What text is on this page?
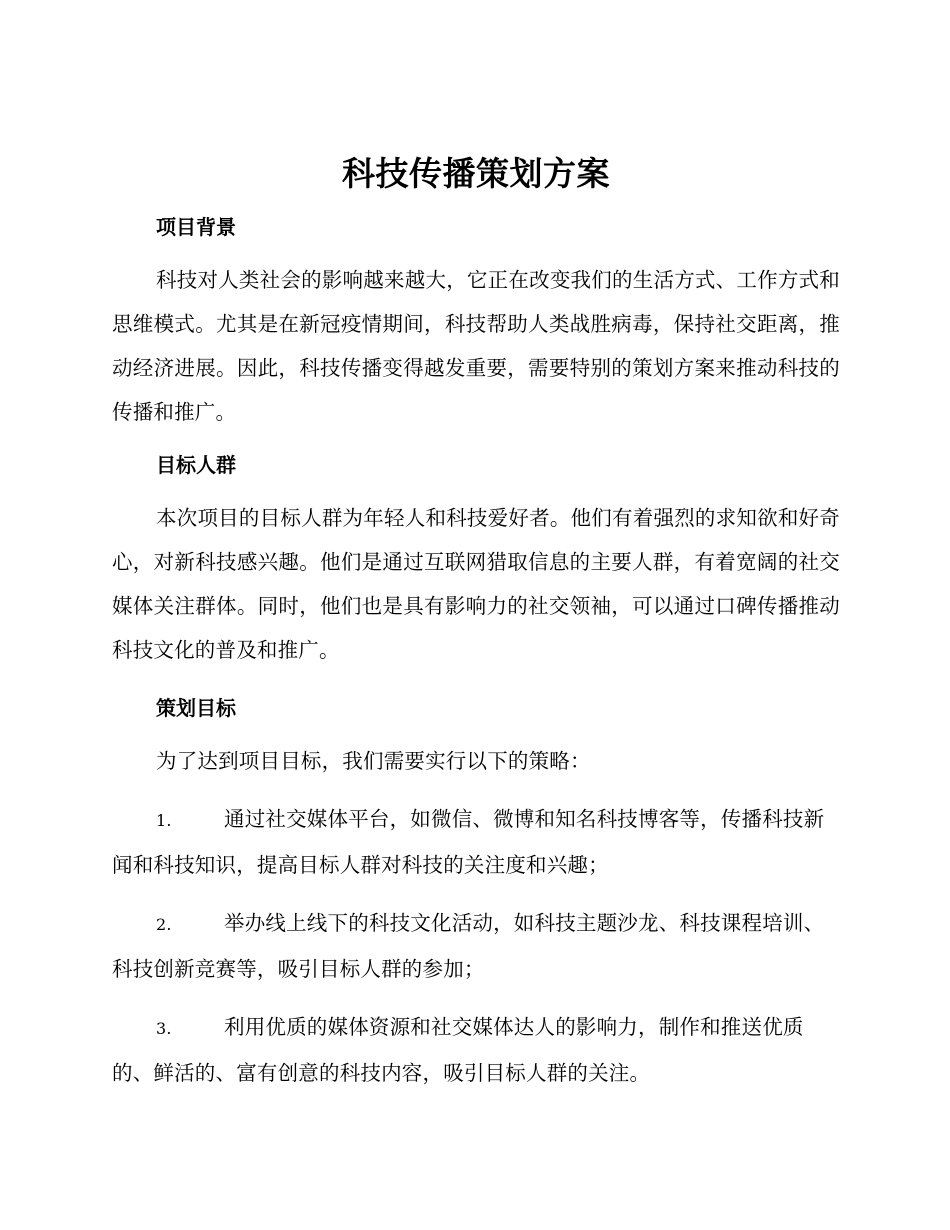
科技传播策划方案
项目背景

科技对人类社会的影响越来越大，它正在改变我们的生活方式、工作方式和思维模式。尤其是在新冠疫情期间，科技帮助人类战胜病毒，保持社交距离，推动经济进展。因此，科技传播变得越发重要，需要特别的策划方案来推动科技的传播和推广。

目标人群

本次项目的目标人群为年轻人和科技爱好者。他们有着强烈的求知欲和好奇心，对新科技感兴趣。他们是通过互联网猎取信息的主要人群，有着宽阔的社交媒体关注群体。同时，他们也是具有影响力的社交领袖，可以通过口碑传播推动科技文化的普及和推广。

策划目标

为了达到项目目标，我们需要实行以下的策略：

1.	通过社交媒体平台，如微信、微博和知名科技博客等，传播科技新闻和科技知识，提高目标人群对科技的关注度和兴趣；

2.	举办线上线下的科技文化活动，如科技主题沙龙、科技课程培训、科技创新竞赛等，吸引目标人群的参加；

3.	利用优质的媒体资源和社交媒体达人的影响力，制作和推送优质的、鲜活的、富有创意的科技内容，吸引目标人群的关注。
